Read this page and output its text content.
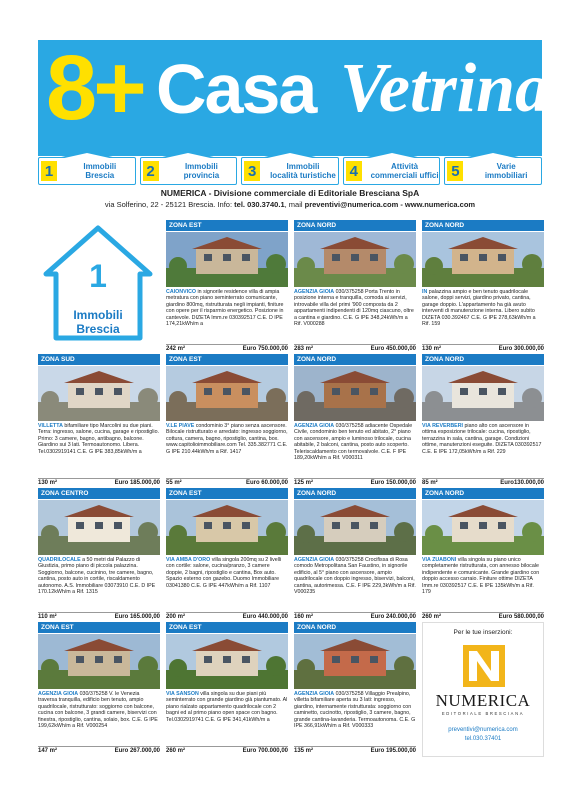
8+ Casa Vetrina
1	Immobili
Brescia	2	Immobili
provincia	3	Immobili
località turistiche 4	Attività
commerciali uffici 5	Varie
immobiliari
NUMERICA - Divisione commerciale di Editoriale Bresciana SpA
via Solferino, 22 - 25121 Brescia. Info: tel. 030.3740.1, mail preventivi@numerica.com - www.numerica.com
1
Immobili
Brescia
ZONA EST
CAIONVICO in signorile residence villa di ampia metratura con piano seminterrato comunicante, giardino 800mq, ristrutturata negli impianti, finiture con opere per il risparmio energetico. Posizione in cantevole. DIZETA Imm.re 030392517 C.E. D IPE 174,21kWh/m a
242 m²	Euro 750.000,00
ZONA NORD
AGENZIA GIOIA 030/375258 Porta Trento in posizione interna e tranquilla, comoda ai servizi, introvabile villa del primi '900 composta da 2 appartamenti indipendenti di 120mq ciascuno, oltre a cantina e giardino. C.E. G IPE 348,24kWh/m a Rif. V000288
283 m²	Euro 450.000,00
ZONA NORD
IN palazzina ampio e ben tenuto quadrilocale salone, doppi servizi, giardino privato, cantina, garage doppio. L'appartamento ha già avuto interventi di manutenzione interna. Libero subito DIZETA 030.392467 C.E. G IPE 278,63kWh/m a Rif. 159
130 m²	Euro 300.000,00
ZONA SUD
VILLETTA bifamiliare tipo Marcolini su due piani. Terra: ingresso, salone, cucina, garage e ripostiglio. Primo: 3 camere, bagno, antibagno, balcone. Giardino sui 3 lati. Termoautonomo. Libera. Tel.0302919141 C.E. G IPE 383,85kWh/m a
130 m²	Euro 185.000,00
ZONA EST
V.LE PIAVE condominio 3° piano senza ascensore. Bilocale ristrutturato e arredato: ingresso soggiorno, cottura, camera, bagno, ripostiglio, cantina, box. www.capitolioimmobiliare.com Tel. 335.382771 C.E. G IPE 210.44kWh/m a Rif. 1417
55 m²	Euro 60.000,00
ZONA NORD
AGENZIA GIOIA 030/375258 adiacente Ospedale Civile, condominio ben tenuto ed abitato, 2° piano con ascensore, ampio e luminoso trilocale, cucina abitabile, 2 balconi, cantina, posto auto scoperto. Teleriscaldamento con termovalvole. C.E. F IPE 189,20kWh/m a Rif. V000311
125 m²	Euro 150.000,00
ZONA NORD
VIA REVERBERI piano alto con ascensore in ottima esposizione trilocale: cucina, ripostiglio, terrazzina in sala, cantina, garage. Condizioni ottime, manutenzioni eseguite. DIZETA 030392517 C.E. E IPE 172,05kWh/m a Rif. 229
85 m²	Euro130.000,00
ZONA CENTRO
QUADRILOCALE a 50 metri dal Palazzo di Giustizia, primo piano di piccola palazzina. Soggiorno, balcone, cucinino, tre camere, bagno, cantina, posto auto in cortile, riscaldamento autonomo. A.S. Immobiliare 03073910 C.E. D IPE 170.12kWh/m a Rif. 1315
110 m²	Euro 165.000,00
ZONA EST
VIA AMBA D'ORO villa singola 200mq su 2 livelli con cortile: salone, cucina/pranzo, 3 camere doppie, 2 bagni, ripostiglio e cantina, Box auto. Spazio esterno con gazebo. Duomo Immobiliare 03041380 C.E. G IPE 447kWh/m a Rif. 1107
200 m²	Euro 440.000,00
ZONA NORD
AGENZIA GIOIA 030/375258 Crocifissa di Rosa comodo Metropolitana San Faustino, in signorile edificio, al 5° piano con ascensore, ampio quadrilocale con doppio ingresso, biservizi, balconi, cantina, autorimessa. C.E. F IPE 229,3kWh/m a Rif. V000235
160 m²	Euro 240.000,00
ZONA NORD
VIA ZUABONI villa singola su piano unico completamente ristrutturata, con annesso bilocale indipendente e comunicante. Grande giardino con doppio accesso carraio. Finiture ottime DIZETA Imm.re 030392517 C.E. E IPE 135kWh/m a Rif. 179
260 m²	Euro 580.000,00
ZONA EST
AGENZIA GIOIA 030/375258 V. le Venezia traversa tranquilla, edificio ben tenuto, ampio quadrilocale, ristrutturato: soggiorno con balcone, cucina con balcone, 3 grandi camere, biservizi con finestra, ripostiglio, cantina, solaio, box. C.E. G IPE 199,62kWh/m a Rif. V000254
147 m²	Euro 267.000,00
ZONA EST
VIA SANSON villa singola su due piani più seminterrato con grande giardino già piantumato. Al piano rialzato appartamento quadrilocale con 2 bagni ed al primo piano open space con bagno. Tel.0302919741 C.E. G IPE 341,41kWh/m a
260 m²	Euro 700.000,00
ZONA NORD
AGENZIA GIOIA 030/375258 Villaggio Prealpino, villetta bifamiliare aperta su 3 lati: ingresso, giardino, internamente ristrutturata: soggiorno con caminetto, cucinotto, ripostiglio, 3 camere, bagno, grande cantina-lavanderia. Termoautonoma. C.E. G IPE 366,91kWh/m a Rif. V000333
135 m²	Euro 195.000,00
Per le tue inserzioni:
NUMERICA
EDITORIALE BRESCIANA
preventivi@numerica.com
tel.030.37401
